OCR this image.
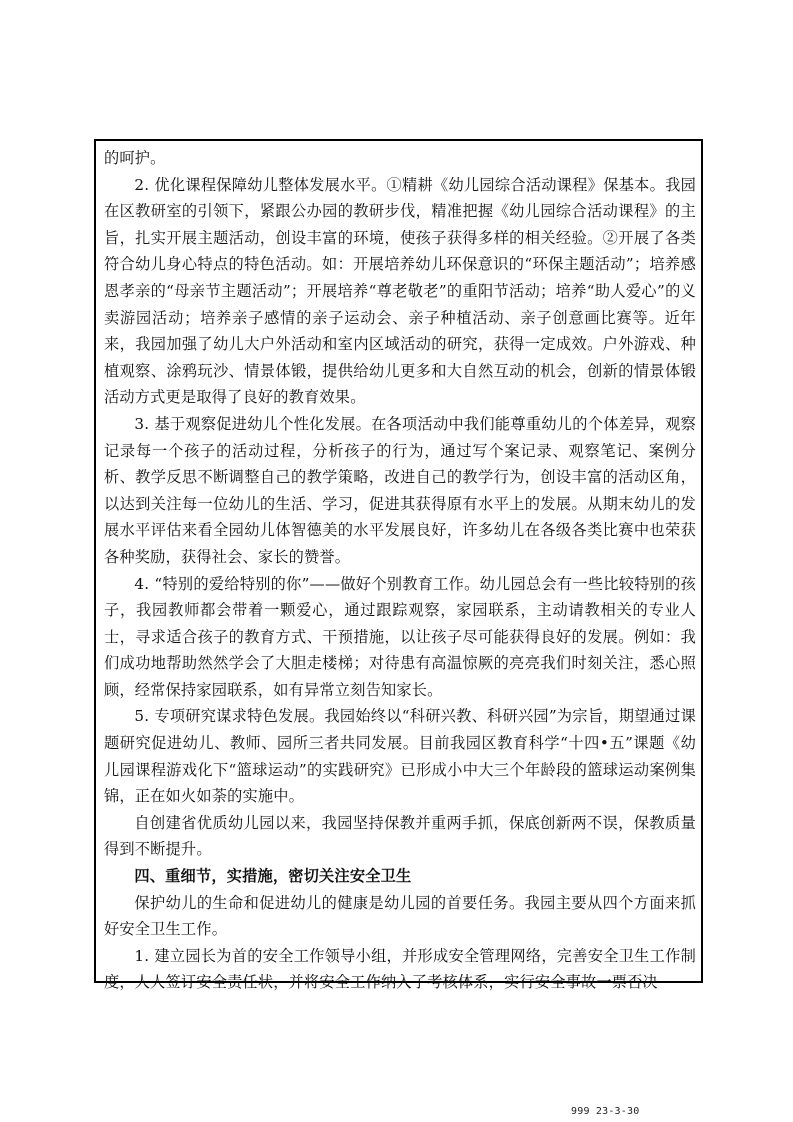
的呵护。

2. 优化课程保障幼儿整体发展水平。①精耕《幼儿园综合活动课程》保基本。我园在区教研室的引领下，紧跟公办园的教研步伐，精准把握《幼儿园综合活动课程》的主旨，扎实开展主题活动，创设丰富的环境，使孩子获得多样的相关经验。②开展了各类符合幼儿身心特点的特色活动。如：开展培养幼儿环保意识的“环保主题活动”；培养感恩孝亲的“母亲节主题活动”；开展培养“尊老敬老”的重阳节活动；培养“助人爱心”的义卖游园活动；培养亲子感情的亲子运动会、亲子种植活动、亲子创意画比赛等。近年来，我园加强了幼儿大户外活动和室内区域活动的研究，获得一定成效。户外游戏、种植观察、涂鸦玩沙、情景体锻，提供给幼儿更多和大自然互动的机会，创新的情景体锻活动方式更是取得了良好的教育效果。

3. 基于观察促进幼儿个性化发展。在各项活动中我们能尊重幼儿的个体差异，观察记录每一个孩子的活动过程，分析孩子的行为，通过写个案记录、观察笔记、案例分析、教学反思不断调整自己的教学策略，改进自己的教学行为，创设丰富的活动区角，以达到关注每一位幼儿的生活、学习，促进其获得原有水平上的发展。从期末幼儿的发展水平评估来看全园幼儿体智德美的水平发展良好，许多幼儿在各级各类比赛中也荣获各种奖励，获得社会、家长的赞誉。

4. “特别的爱给特别的你”——做好个别教育工作。幼儿园总会有一些比较特别的孩子，我园教师都会带着一颗爱心，通过跟踪观察，家园联系，主动请教相关的专业人士，寻求适合孩子的教育方式、干预措施，以让孩子尽可能获得良好的发展。例如：我们成功地帮助然然学会了大胆走楼梯；对待患有高温惊厥的亮亮我们时刻关注，悉心照顾，经常保持家园联系，如有异常立刻告知家长。

5. 专项研究谋求特色发展。我园始终以“科研兴教、科研兴园”为宗旨，期望通过课题研究促进幼儿、教师、园所三者共同发展。目前我园区教育科学“十四•五”课题《幼儿园课程游戏化下“篮球运动”的实践研究》已形成小中大三个年龄段的篮球运动案例集锦，正在如火如荼的实施中。

自创建省优质幼儿园以来，我园坚持保教并重两手抓，保底创新两不误，保教质量得到不断提升。

四、重细节，实措施，密切关注安全卫生

保护幼儿的生命和促进幼儿的健康是幼儿园的首要任务。我园主要从四个方面来抓好安全卫生工作。

1. 建立园长为首的安全工作领导小组，并形成安全管理网络，完善安全卫生工作制度，人人签订安全责任状，并将安全工作纳入了考核体系，实行安全事故一票否决

999 23-3-30
